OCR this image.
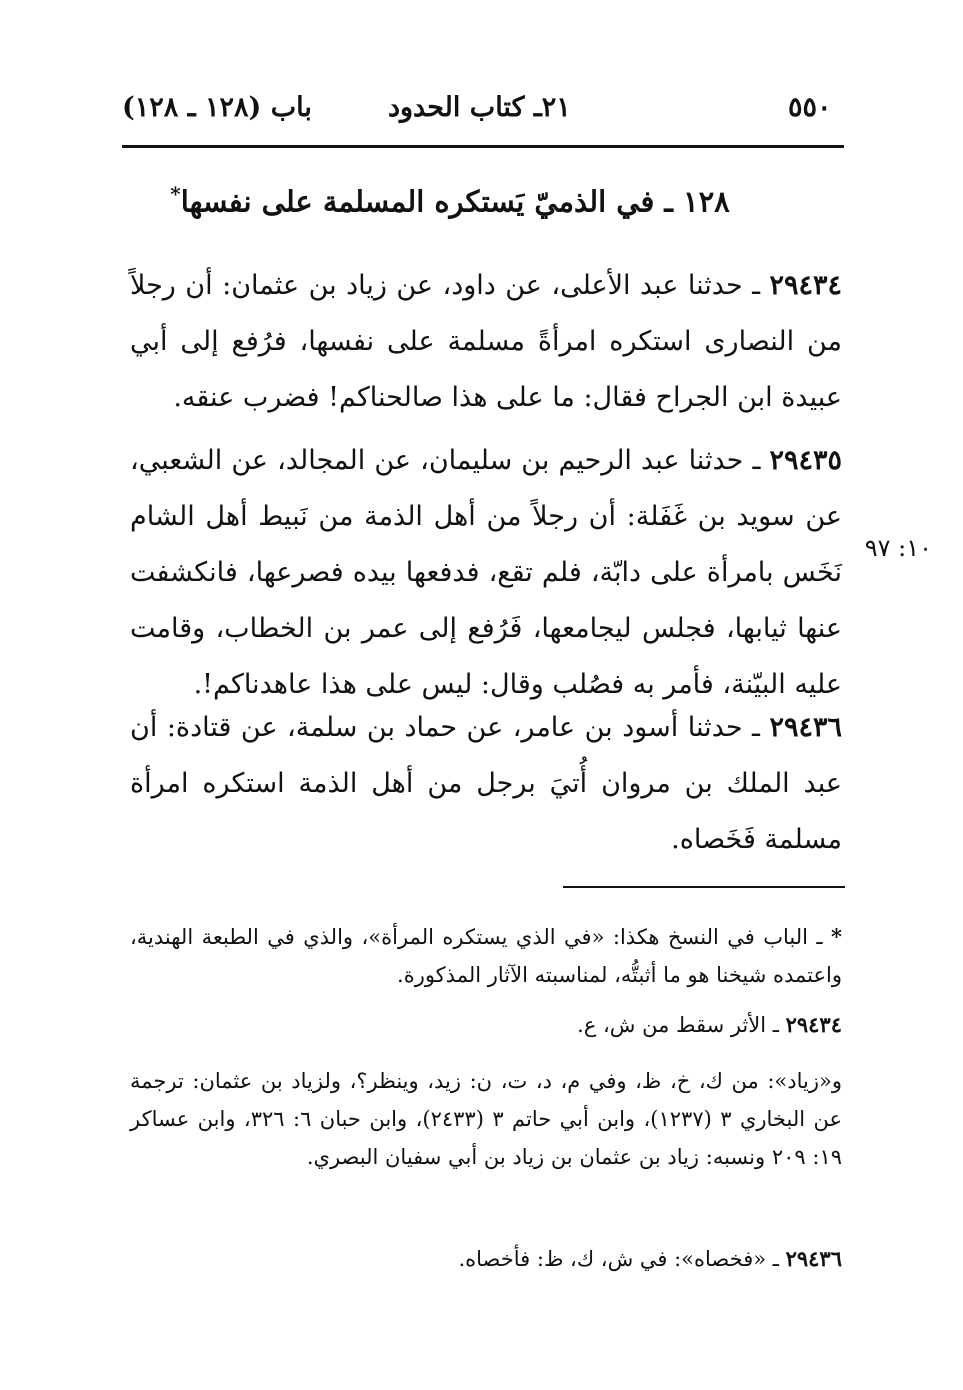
٥٥٠
٢١ـ كتاب الحدود
باب (١٢٨ ـ ١٢٨)
١٢٨ ـ في الذميّ يَستكره المسلمة على نفسها*
٢٩٤٣٤ ـ حدثنا عبد الأعلى، عن داود، عن زياد بن عثمان: أن رجلاً من النصارى استكره امرأةً مسلمة على نفسها، فرُفع إلى أبي عبيدة ابن الجراح فقال: ما على هذا صالحناكم! فضرب عنقه.
٢٩٤٣٥ ـ حدثنا عبد الرحيم بن سليمان، عن المجالد، عن الشعبي، عن سويد بن غَفَلة: أن رجلاً من أهل الذمة من نَبيط أهل الشام نَخَس بامرأة على دابّة، فلم تقع، فدفعها بيده فصرعها، فانكشفت عنها ثيابها، فجلس ليجامعها، فَرُفع إلى عمر بن الخطاب، وقامت عليه البيّنة، فأمر به فصُلب وقال: ليس على هذا عاهدناكم!.
١٠: ٩٧
٢٩٤٣٦ ـ حدثنا أسود بن عامر، عن حماد بن سلمة، عن قتادة: أن عبد الملك بن مروان أُتيَ برجل من أهل الذمة استكره امرأة مسلمة فَخَصاه.
* ـ الباب في النسخ هكذا: «في الذي يستكره المرأة»، والذي في الطبعة الهندية، واعتمده شيخنا هو ما أثبتُّه، لمناسبته الآثار المذكورة.
٢٩٤٣٤ ـ الأثر سقط من ش، ع.
و«زياد»: من ك، خ، ظ، وفي م، د، ت، ن: زيد، وينظر؟، ولزياد بن عثمان: ترجمة عن البخاري ٣ (١٢٣٧)، وابن أبي حاتم ٣ (٢٤٣٣)، وابن حبان ٦: ٣٢٦، وابن عساكر ١٩: ٢٠٩ ونسبه: زياد بن عثمان بن زياد بن أبي سفيان البصري.
٢٩٤٣٦ ـ «فخصاه»: في ش، ك، ظ: فأخصاه.
